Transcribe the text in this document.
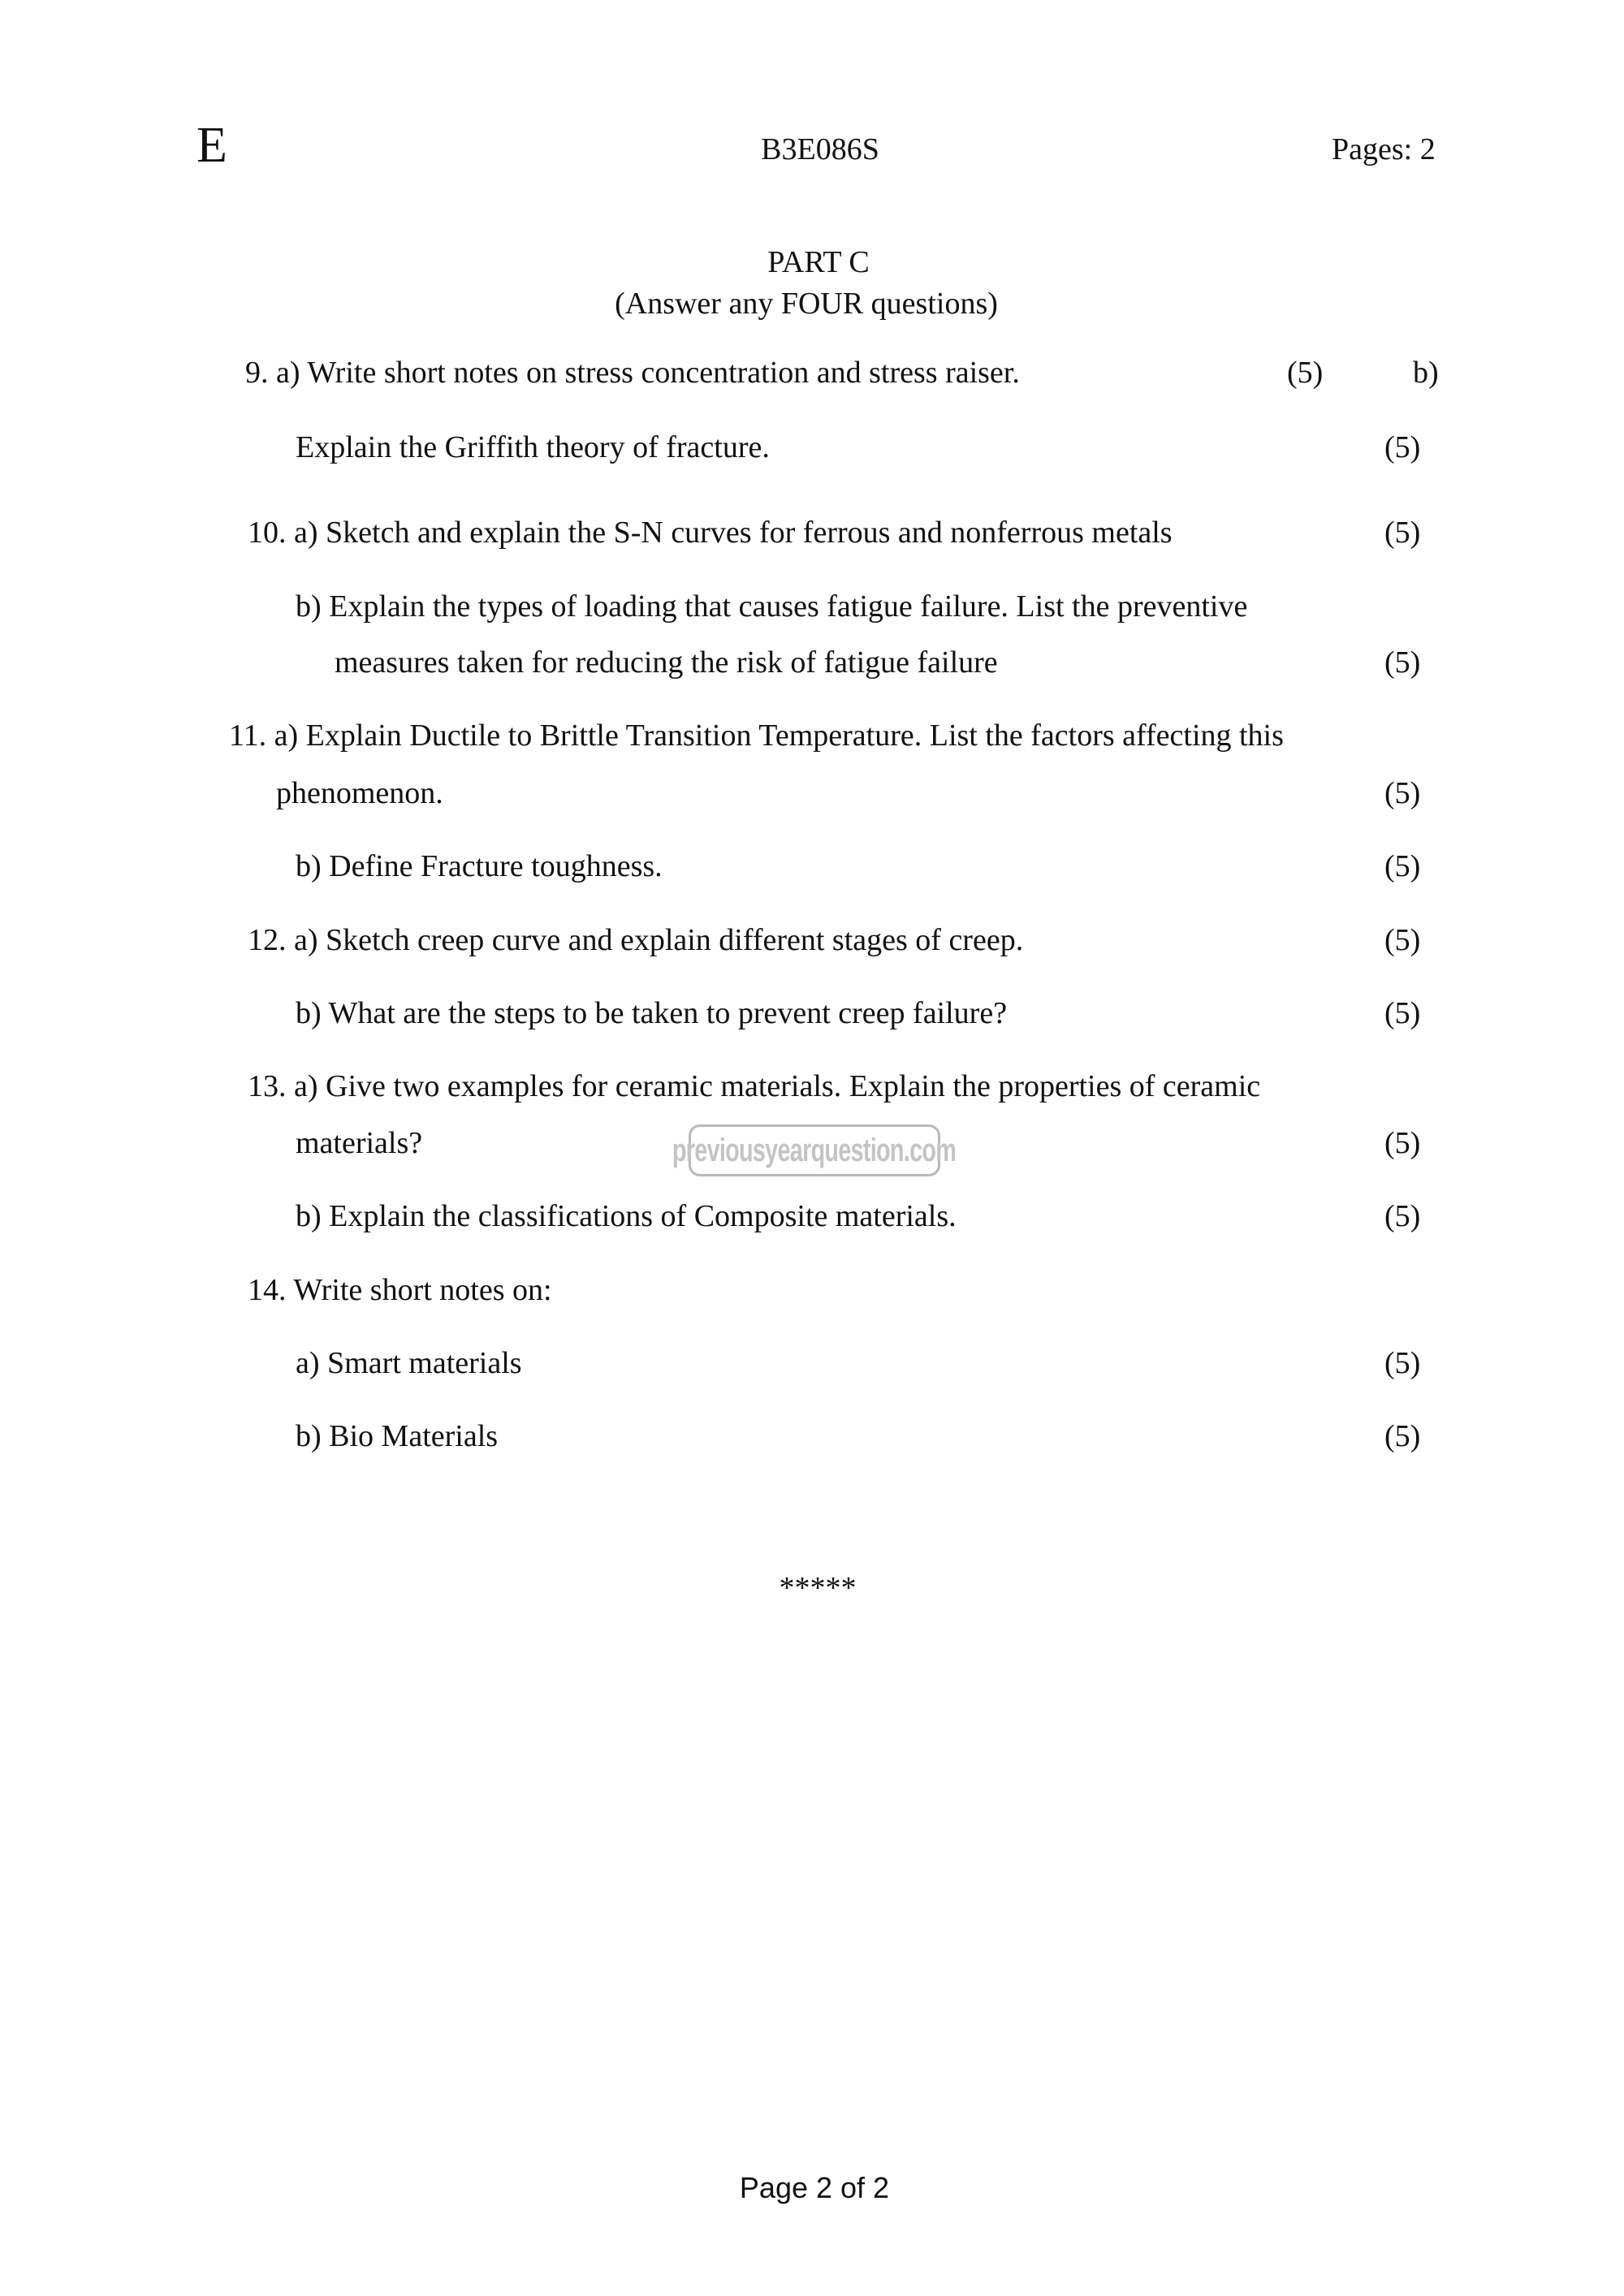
E	B3E086S	Pages: 2
PART C
(Answer any FOUR questions)
9. a) Write short notes on stress concentration and stress raiser.	(5)	b)
Explain the Griffith theory of fracture.	(5)
10. a) Sketch and explain the S-N curves for ferrous and nonferrous metals	(5)
b) Explain the types of loading that causes fatigue failure. List the preventive
measures taken for reducing the risk of fatigue failure	(5)
11. a) Explain Ductile to Brittle Transition Temperature. List the factors affecting this
phenomenon.	(5)
b) Define Fracture toughness.	(5)
12. a) Sketch creep curve and explain different stages of creep.	(5)
b) What are the steps to be taken to prevent creep failure?	(5)
13. a) Give two examples for ceramic materials. Explain the properties of ceramic
materials?	(5)
b) Explain the classifications of Composite materials.	(5)
previousyearquestion.com
14. Write short notes on:
a) Smart materials	(5)
b) Bio Materials	(5)
*****
Page 2 of 2
